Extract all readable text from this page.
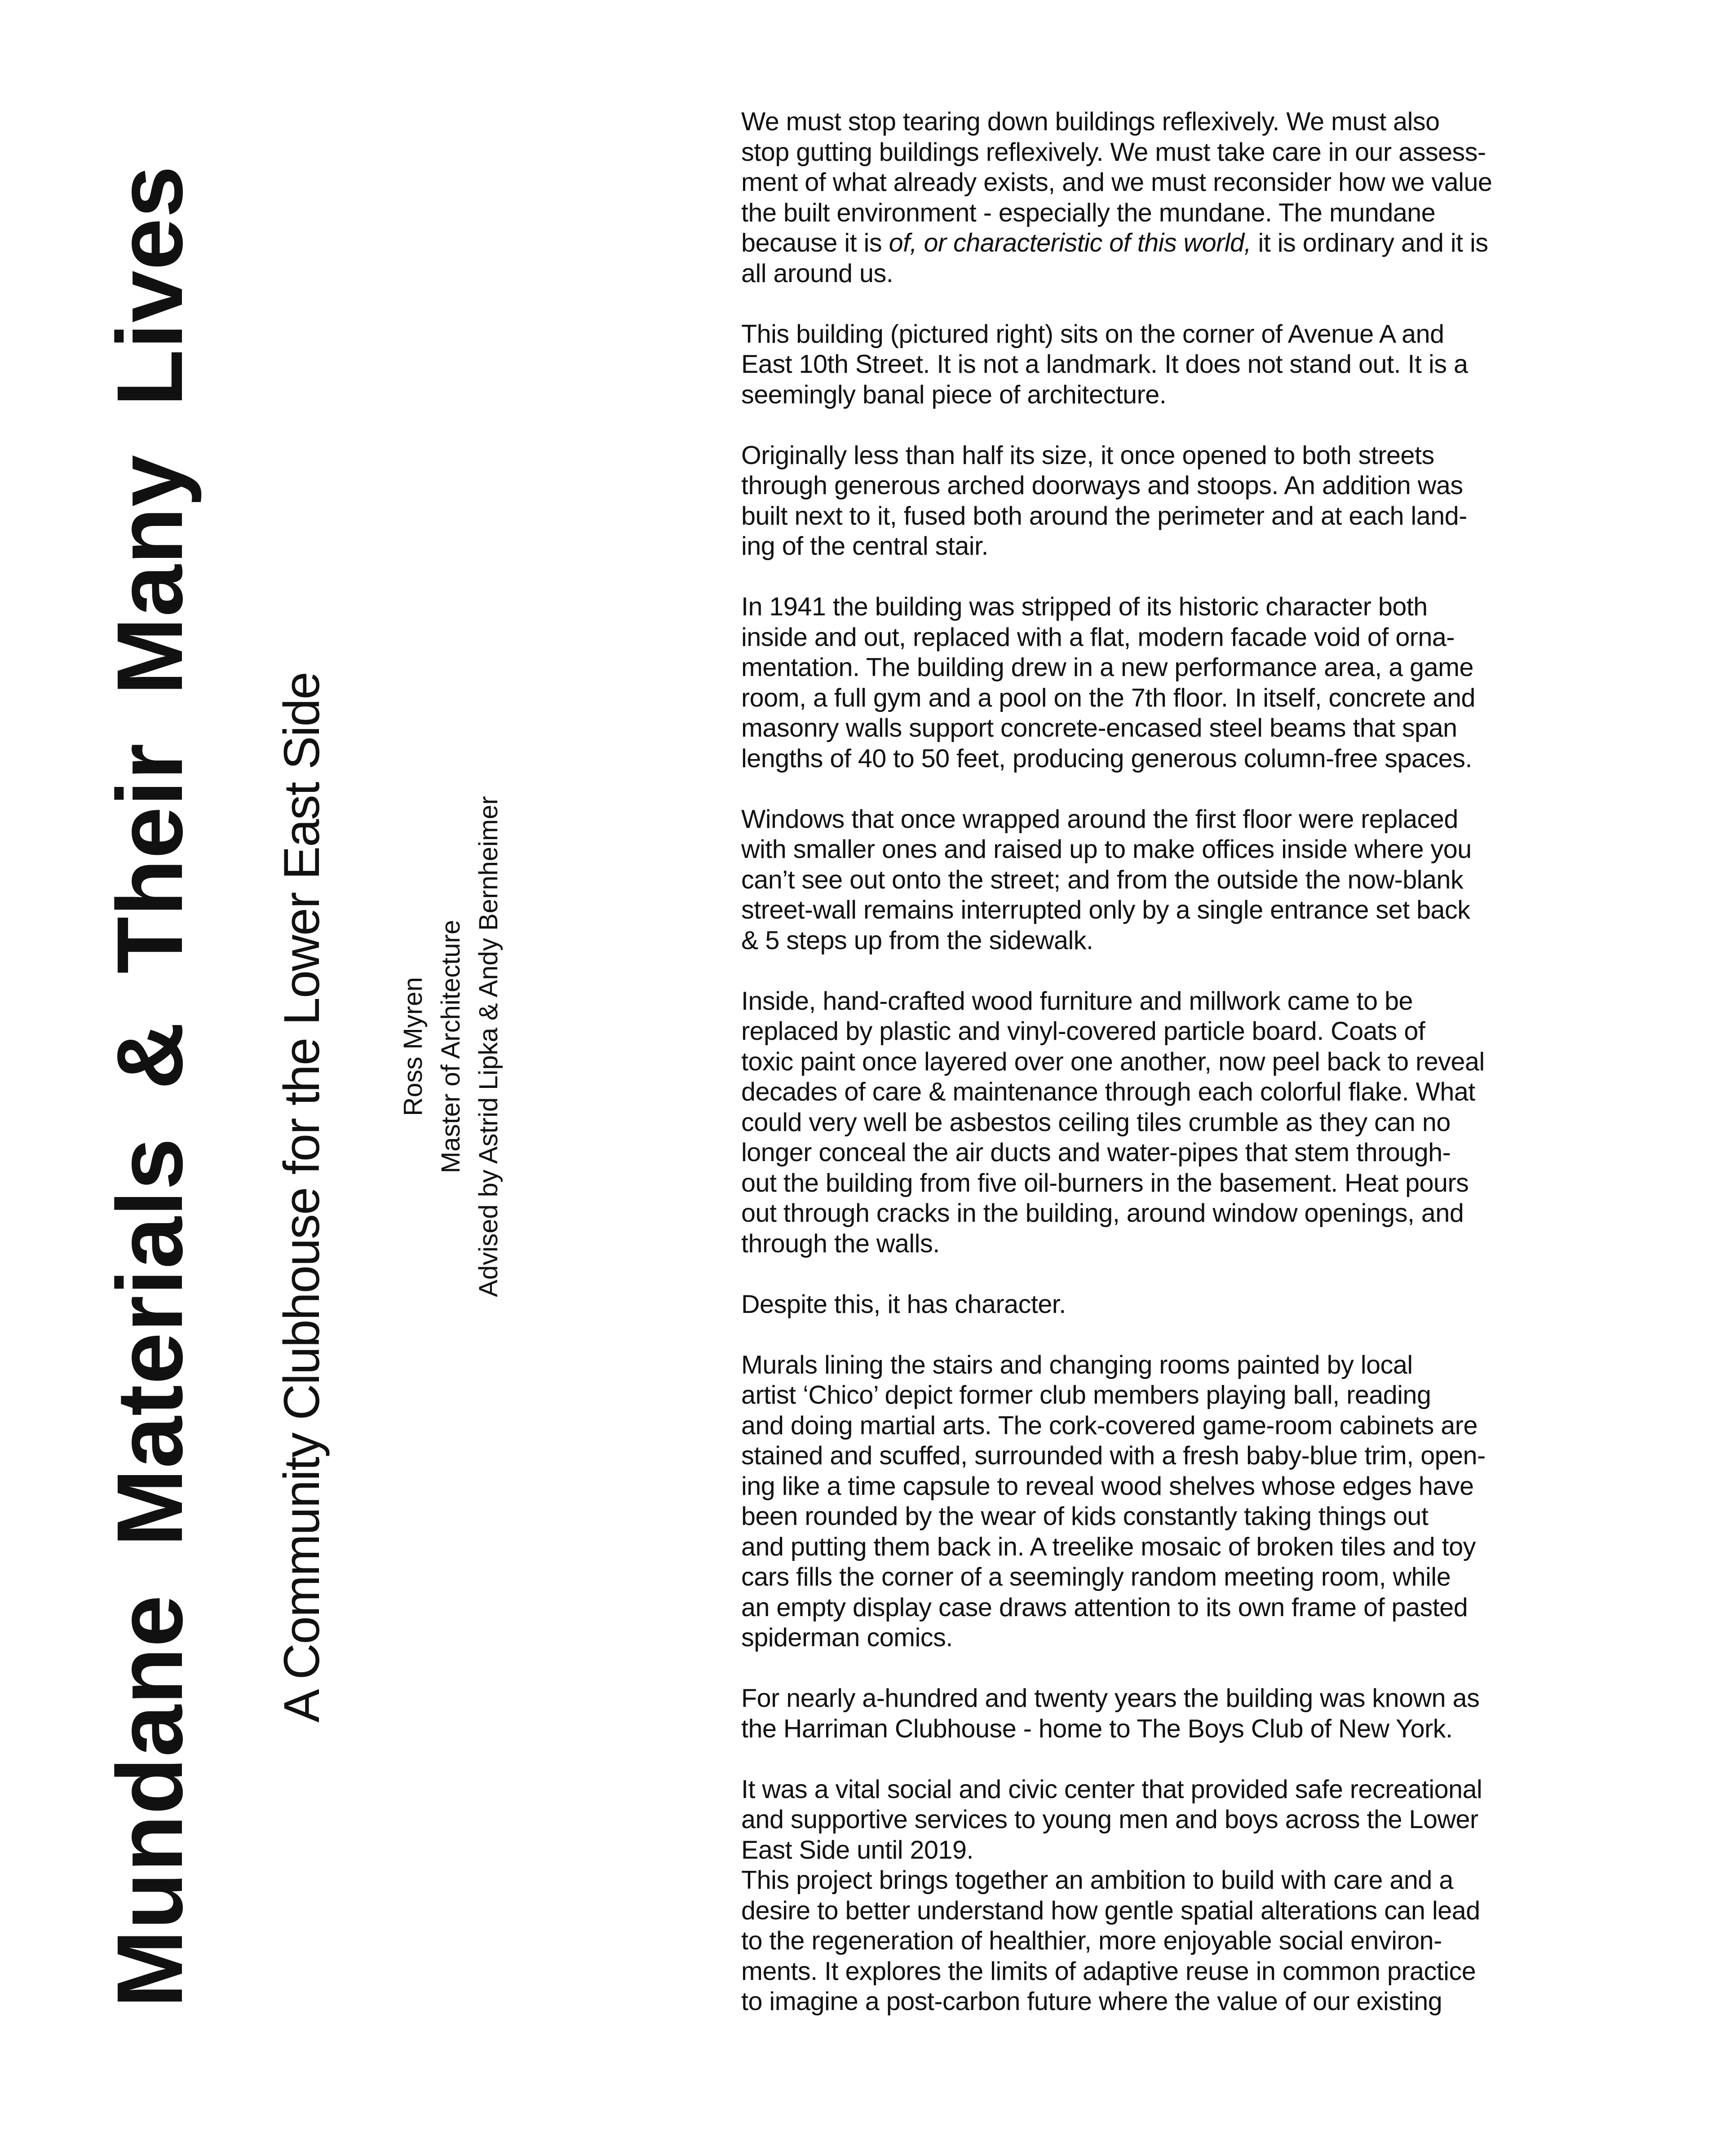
Mundane Materials & Their Many Lives A Community Clubhouse for the Lower East Side	Ross Myren Master of Architecture Advised by Astrid Lipka & Andy Bernheimer
We must stop tearing down buildings reflexively. We must also
stop gutting buildings reflexively. We must take care in our assess-
ment of what already exists, and we must reconsider how we value
the built environment - especially the mundane. The mundane
because it is of, or characteristic of this world, it is ordinary and it is
all around us.
This building (pictured right) sits on the corner of Avenue A and
East 10th Street. It is not a landmark. It does not stand out. It is a
seemingly banal piece of architecture.
Originally less than half its size, it once opened to both streets
through generous arched doorways and stoops. An addition was
built next to it, fused both around the perimeter and at each land-
ing of the central stair.
In 1941 the building was stripped of its historic character both
inside and out, replaced with a flat, modern facade void of orna-
mentation. The building drew in a new performance area, a game
room, a full gym and a pool on the 7th floor. In itself, concrete and
masonry walls support concrete-encased steel beams that span
lengths of 40 to 50 feet, producing generous column-free spaces.
Windows that once wrapped around the first floor were replaced
with smaller ones and raised up to make offices inside where you
can’t see out onto the street; and from the outside the now-blank
street-wall remains interrupted only by a single entrance set back
& 5 steps up from the sidewalk.
Inside, hand-crafted wood furniture and millwork came to be
replaced by plastic and vinyl-covered particle board. Coats of
toxic paint once layered over one another, now peel back to reveal
decades of care & maintenance through each colorful flake. What
could very well be asbestos ceiling tiles crumble as they can no
longer conceal the air ducts and water-pipes that stem through-
out the building from five oil-burners in the basement. Heat pours
out through cracks in the building, around window openings, and
through the walls.
Despite this, it has character.
Murals lining the stairs and changing rooms painted by local
artist ‘Chico’ depict former club members playing ball, reading
and doing martial arts. The cork-covered game-room cabinets are
stained and scuffed, surrounded with a fresh baby-blue trim, open-
ing like a time capsule to reveal wood shelves whose edges have
been rounded by the wear of kids constantly taking things out
and putting them back in. A treelike mosaic of broken tiles and toy
cars fills the corner of a seemingly random meeting room, while
an empty display case draws attention to its own frame of pasted
spiderman comics.
For nearly a-hundred and twenty years the building was known as
the Harriman Clubhouse - home to The Boys Club of New York.
It was a vital social and civic center that provided safe recreational
and supportive services to young men and boys across the Lower
East Side until 2019.
This project brings together an ambition to build with care and a
desire to better understand how gentle spatial alterations can lead
to the regeneration of healthier, more enjoyable social environ-
ments. It explores the limits of adaptive reuse in common practice
to imagine a post-carbon future where the value of our existing
